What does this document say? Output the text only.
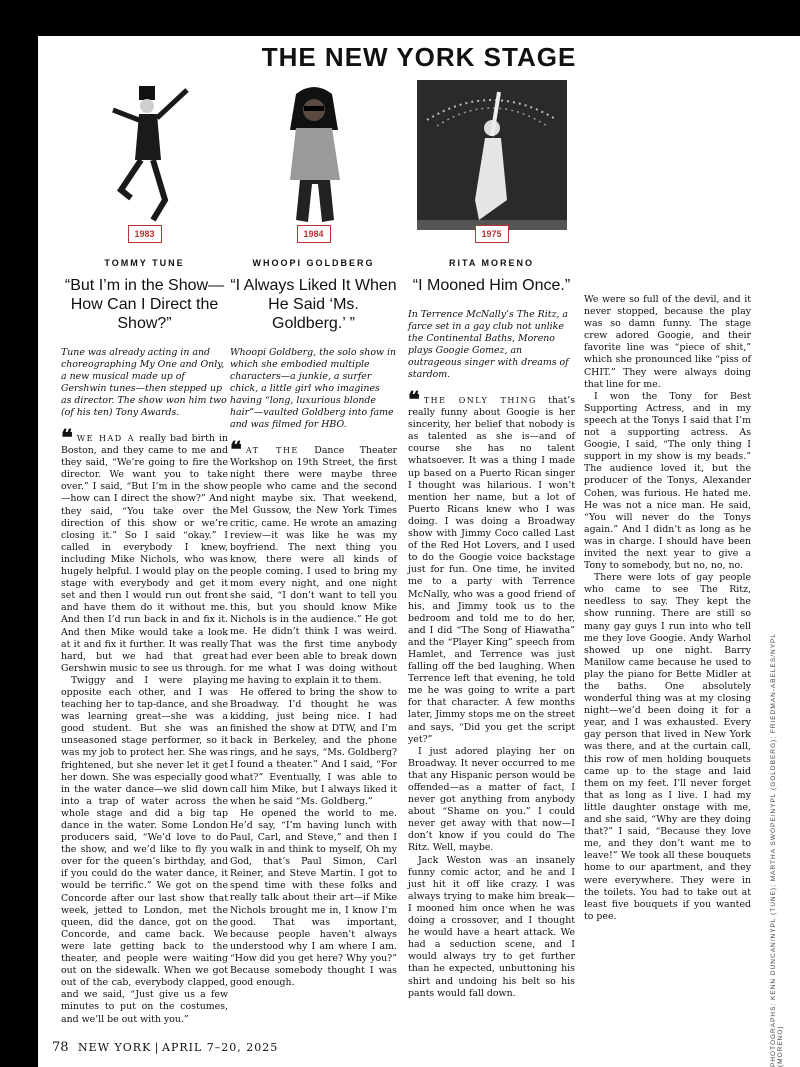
THE NEW YORK STAGE
1983
TOMMY TUNE
“But I’m in the Show— How Can I Direct the Show?”
Tune was already acting in and choreographing My One and Only, a new musical made up of Gershwin tunes—then stepped up as director. The show won him two (of his ten) Tony Awards.

❝ WE HAD A really bad birth in Boston, and they came to me and they said, “We’re going to fire the director. We want you to take over.” I said, “But I’m in the show—how can I direct the show?” And they said, “You take over the direction of this show or we’re closing it.” So I said “okay.” I called in everybody I knew, including Mike Nichols, who was hugely helpful. I would play on the stage with everybody and get it set and then I would run out front and have them do it without me. And then I’d run back in and fix it. And then Mike would take a look at it and fix it further. It was really hard, but we had that great Gershwin music to see us through.

Twiggy and I were playing opposite each other, and I was teaching her to tap-dance, and she was learning great—she was a good student. But she was an unseasoned stage performer, so it was my job to protect her. She was frightened, but she never let it get her down. She was especially good in the water dance—we slid down into a trap of water across the whole stage and did a big tap dance in the water. Some London producers said, “We’d love to do the show, and we’d like to fly you over for the queen’s birthday, and if you could do the water dance, it would be terrific.” We got on the Concorde after our last show that week, jetted to London, met the queen, did the dance, got on the Concorde, and came back. We were late getting back to the theater, and people were waiting out on the sidewalk. When we got out of the cab, everybody clapped, and we said, “Just give us a few minutes to put on the costumes, and we’ll be out with you.”

1984
WHOOPI GOLDBERG
“I Always Liked It When He Said ‘Ms. Goldberg.’ ”
Whoopi Goldberg, the solo show in which she embodied multiple characters—a junkie, a surfer chick, a little girl who imagines having “long, luxurious blonde hair”—vaulted Goldberg into fame and was filmed for HBO.

❝ AT THE Dance Theater Workshop on 19th Street, the first night there were maybe three people who came and the second night maybe six. That weekend, Mel Gussow, the New York Times critic, came. He wrote an amazing review—it was like he was my boyfriend. The next thing you know, there were all kinds of people coming. I used to bring my mom every night, and one night she said, “I don’t want to tell you this, but you should know Mike Nichols is in the audience.” He got me. He didn’t think I was weird. That was the first time anybody had ever been able to break down for me what I was doing without me having to explain it to them.

He offered to bring the show to Broadway. I’d thought he was kidding, just being nice. I had finished the show at DTW, and I’m back in Berkeley, and the phone rings, and he says, “Ms. Goldberg? I found a theater.” And I said, “For what?” Eventually, I was able to call him Mike, but I always liked it when he said “Ms. Goldberg.”

He opened the world to me. He’d say, “I’m having lunch with Paul, Carl, and Steve,” and then I walk in and think to myself, Oh my God, that’s Paul Simon, Carl Reiner, and Steve Martin. I got to spend time with these folks and really talk about their art—if Mike Nichols brought me in, I know I’m good. That was important, because people haven’t always understood why I am where I am. “How did you get here? Why you?” Because somebody thought I was good enough.

1975
RITA MORENO
“I Mooned Him Once.”
In Terrence McNally’s The Ritz, a farce set in a gay club not unlike the Continental Baths, Moreno plays Googie Gomez, an outrageous singer with dreams of stardom.

❝ THE ONLY THING that’s really funny about Googie is her sincerity, her belief that nobody is as talented as she is—and of course she has no talent whatsoever. It was a thing I made up based on a Puerto Rican singer I thought was hilarious. I won’t mention her name, but a lot of Puerto Ricans knew who I was doing. I was doing a Broadway show with Jimmy Coco called Last of the Red Hot Lovers, and I used to do the Googie voice backstage just for fun. One time, he invited me to a party with Terrence McNally, who was a good friend of his, and Jimmy took us to the bedroom and told me to do her, and I did “The Song of Hiawatha” and the “Player King” speech from Hamlet, and Terrence was just falling off the bed laughing. When Terrence left that evening, he told me he was going to write a part for that character. A few months later, Jimmy stops me on the street and says, “Did you get the script yet?”

I just adored playing her on Broadway. It never occurred to me that any Hispanic person would be offended—as a matter of fact, I never got anything from anybody about “Shame on you.” I could never get away with that now—I don’t know if you could do The Ritz. Well, maybe.

Jack Weston was an insanely funny comic actor, and he and I just hit it off like crazy. I was always trying to make him break—I mooned him once when he was doing a crossover, and I thought he would have a heart attack. We had a seduction scene, and I would always try to get further than he expected, unbuttoning his shirt and undoing his belt so his pants would fall down.

We were so full of the devil, and it never stopped, because the play was so damn funny. The stage crew adored Googie, and their favorite line was “piece of shit,” which she pronounced like “piss of CHIT.” They were always doing that line for me.

I won the Tony for Best Supporting Actress, and in my speech at the Tonys I said that I’m not a supporting actress. As Googie, I said, “The only thing I support in my show is my beads.” The audience loved it, but the producer of the Tonys, Alexander Cohen, was furious. He hated me. He was not a nice man. He said, “You will never do the Tonys again.” And I didn’t as long as he was in charge. I should have been invited the next year to give a Tony to somebody, but no, no, no.

There were lots of gay people who came to see The Ritz, needless to say. They kept the show running. There are still so many gay guys I run into who tell me they love Googie. Andy Warhol showed up one night. Barry Manilow came because he used to play the piano for Bette Midler at the baths. One absolutely wonderful thing was at my closing night—we’d been doing it for a year, and I was exhausted. Every gay person that lived in New York was there, and at the curtain call, this row of men holding bouquets came up to the stage and laid them on my feet. I’ll never forget that as long as I live. I had my little daughter onstage with me, and she said, “Why are they doing that?” I said, “Because they love me, and they don’t want me to leave!” We took all these bouquets home to our apartment, and they were everywhere. They were in the toilets. You had to take out at least five bouquets if you wanted to pee.	PHOTOGRAPHS: KENN DUNCAN/NYPL (TUNE); MARTHA SWOPE/NYPL (GOLDBERG); FRIEDMAN-ABELES/NYPL (MORENO)
78 NEW YORK | APRIL 7–20, 2025
